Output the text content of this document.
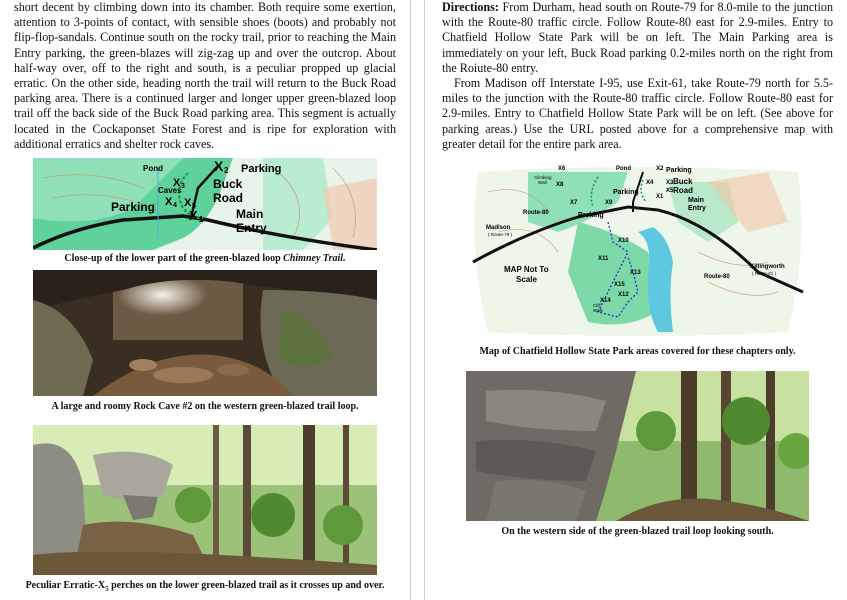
short decent by climbing down into its chamber. Both require some exertion, attention to 3-points of contact, with sensible shoes (boots) and probably not flip-flop-sandals. Continue south on the rocky trail, prior to reaching the Main Entry parking, the green-blazes will zig-zag up and over the outcrop. About half-way over, off to the right and south, is a peculiar propped up glacial erratic. On the other side, heading north the trail will return to the Buck Road parking area. There is a continued larger and longer upper green-blazed loop trail off the back side of the Buck Road parking area. This segment is actually located in the Cockaponset State Forest and is ripe for exploration with additional erratics and shelter rock caves.

Pond	X 2 Parking
X 3
Caves	Buck
Road
X 4 X 5
Parking
X 1	Main
Entry

Close-up of the lower part of the green-blazed loop Chimney Trail.

A large and roomy Rock Cave #2 on the western green-blazed trail loop.

Peculiar Erratic-$X_5$ perches on the lower green-blazed trail as it crosses up and over.

Directions: From Durham, head south on Route-79 for 8.0-mile to the junction with the Route-80 traffic circle. Follow Route-80 east for 2.9-miles. Entry to Chatfield Hollow State Park will be on left. The Main Parking area is immediately on your left, Buck Road parking 0.2-miles north on the right from the Roiute-80 entry.

From Madison off Interstate I-95, use Exit-61, take Route-79 north for 5.5-miles to the junction with the Route-80 traffic circle. Follow Route-80 east for 2.9-miles. Entry to Chatfield Hollow State Park will be on left. (See above for parking areas.) Use the URL posted above for a comprehensive map with greater detail for the entire park area.

Pond	Parking
Climbing
Wall	Buck
Road
Parking
Parking
Main
Entry
Route-80
Madison
( Route-79 )
MAP Not To
Scale	Route-80
Killingworth
( Route-81 )
Cliff
Walk
X6
X8
X7
X2
X4 X3
X5
X1
X9
X10
X11
X13
X15
X14
X12

Map of Chatfield Hollow State Park areas covered for these chapters only.

On the western side of the green-blazed trail loop looking south.
